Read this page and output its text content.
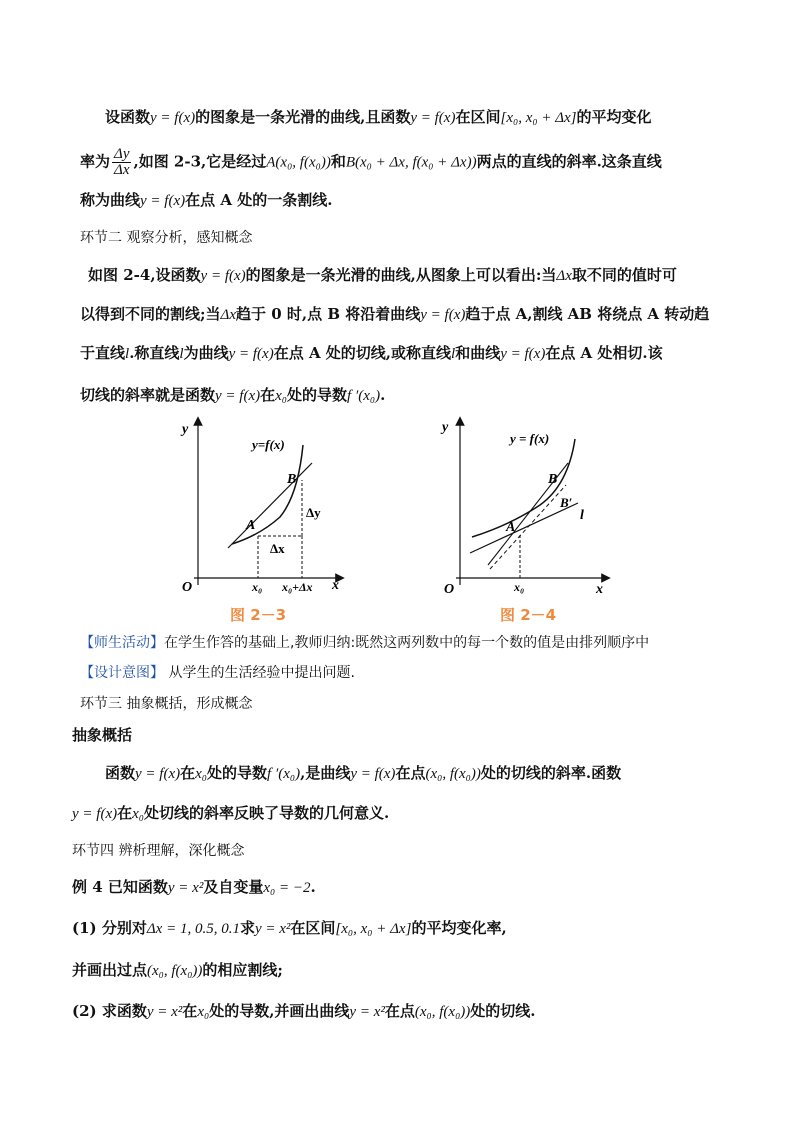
设函数y = f(x)的图象是一条光滑的曲线,且函数y = f(x)在区间[x₀, x₀ + Δx]的平均变化
率为 $\frac{\Delta y}{\Delta x}$ ,如图 2-3,它是经过A(x₀, f(x₀))和B(x₀ + Δx, f(x₀ + Δx))两点的直线的斜率.这条直线
称为曲线y = f(x)在点 A 处的一条割线.
环节二 观察分析，感知概念
如图 2-4,设函数y = f(x)的图象是一条光滑的曲线,从图象上可以看出:当Δx取不同的值时可
以得到不同的割线;当Δx趋于 0 时,点 B 将沿着曲线y = f(x)趋于点 A,割线 AB 将绕点 A 转动趋
于直线l.称直线l为曲线y = f(x)在点 A 处的切线,或称直线l和曲线y = f(x)在点 A 处相切.该
切线的斜率就是函数y = f(x)在x₀处的导数f ′(x₀).
y
x
O
y=f(x)
A
B
Δy
Δx
x₀ x₀+Δx
图 2－3
y
x
O
y = f(x)
A
B
B′
l
x₀
图 2－4
【师生活动】在学生作答的基础上,教师归纳:既然这两列数中的每一个数的值是由排列顺序中
【设计意图】 从学生的生活经验中提出问题.
环节三 抽象概括，形成概念
抽象概括
函数y = f(x)在x₀处的导数f ′(x₀),是曲线y = f(x)在点(x₀, f(x₀))处的切线的斜率.函数
y = f(x)在x₀处切线的斜率反映了导数的几何意义.
环节四 辨析理解，深化概念
例 4 已知函数y = x²及自变量x₀ = −2.
(1) 分别对Δx = 1, 0.5, 0.1求y = x²在区间[x₀, x₀ + Δx]的平均变化率,
并画出过点(x₀, f(x₀))的相应割线;
(2) 求函数y = x²在x₀处的导数,并画出曲线y = x²在点(x₀, f(x₀))处的切线.
